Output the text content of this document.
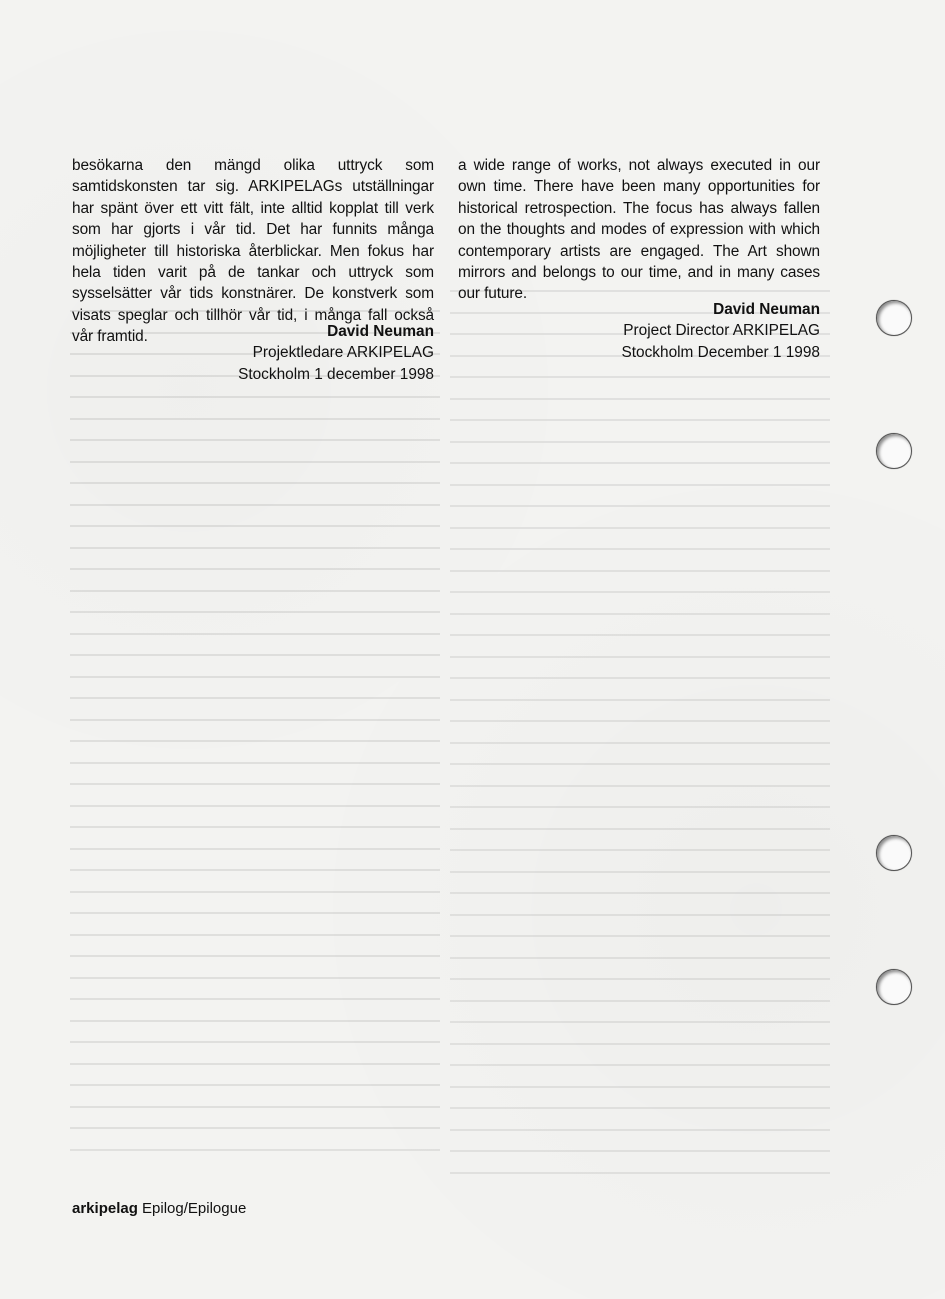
besökarna den mängd olika uttryck som samtidskonsten tar sig. ARKIPELAGs utställningar har spänt över ett vitt fält, inte alltid kopplat till verk som har gjorts i vår tid. Det har funnits många möjligheter till historiska återblickar. Men fokus har hela tiden varit på de tankar och uttryck som sysselsätter vår tids konstnärer. De konstverk som visats speglar och tillhör vår tid, i många fall också vår framtid.	David Neuman
Projektledare ARKIPELAG
Stockholm 1 december 1998

a wide range of works, not always executed in our own time. There have been many opportunities for historical retrospection. The focus has always fallen on the thoughts and modes of expression with which contemporary artists are engaged. The Art shown mirrors and belongs to our time, and in many cases our future.

David Neuman
Project Director ARKIPELAG
Stockholm December 1 1998
arkipelag Epilog/Epilogue
